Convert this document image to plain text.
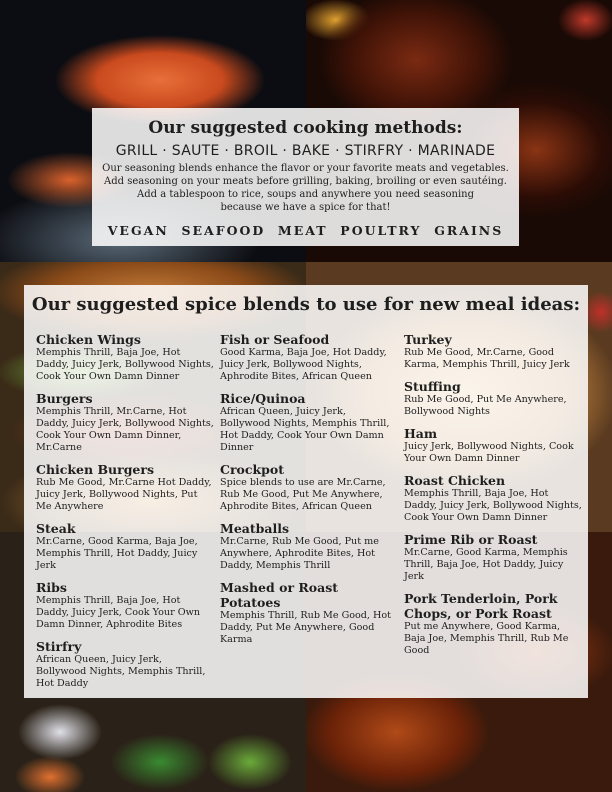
Our suggested cooking methods:
GRILL · SAUTE · BROIL · BAKE · STIRFRY · MARINADE
Our seasoning blends enhance the flavor or your favorite meats and vegetables.
Add seasoning on your meats before grilling, baking, broiling or even sautéing.
Add a tablespoon to rice, soups and anywhere you need seasoning
because we have a spice for that!
VEGAN  SEAFOOD  MEAT  POULTRY  GRAINS
Our suggested spice blends to use for new meal ideas:
Chicken Wings
Memphis Thrill, Baja Joe, Hot Daddy, Juicy Jerk, Bollywood Nights, Cook Your Own Damn Dinner
Burgers
Memphis Thrill, Mr.Carne, Hot Daddy, Juicy Jerk, Bollywood Nights, Cook Your Own Damn Dinner, Mr.Carne
Chicken Burgers
Rub Me Good, Mr.Carne Hot Daddy, Juicy Jerk, Bollywood Nights, Put Me Anywhere
Steak
Mr.Carne, Good Karma, Baja Joe, Memphis Thrill, Hot Daddy, Juicy Jerk
Ribs
Memphis Thrill, Baja Joe, Hot Daddy, Juicy Jerk, Cook Your Own Damn Dinner, Aphrodite Bites
Stirfry
African Queen, Juicy Jerk, Bollywood Nights, Memphis Thrill, Hot Daddy
Fish or Seafood
Good Karma, Baja Joe, Hot Daddy, Juicy Jerk, Bollywood Nights, Aphrodite Bites, African Queen
Rice/Quinoa
African Queen, Juicy Jerk, Bollywood Nights, Memphis Thrill, Hot Daddy, Cook Your Own Damn Dinner
Crockpot
Spice blends to use are Mr.Carne, Rub Me Good, Put Me Anywhere, Aphrodite Bites, African Queen
Meatballs
Mr.Carne, Rub Me Good, Put me Anywhere, Aphrodite Bites, Hot Daddy, Memphis Thrill
Mashed or Roast Potatoes
Memphis Thrill, Rub Me Good, Hot Daddy, Put Me Anywhere, Good Karma
Turkey
Rub Me Good, Mr.Carne, Good Karma, Memphis Thrill, Juicy Jerk
Stuffing
Rub Me Good, Put Me Anywhere, Bollywood Nights
Ham
Juicy Jerk, Bollywood Nights, Cook Your Own Damn Dinner
Roast Chicken
Memphis Thrill, Baja Joe, Hot Daddy, Juicy Jerk, Bollywood Nights, Cook Your Own Damn Dinner
Prime Rib or Roast
Mr.Carne, Good Karma, Memphis Thrill, Baja Joe, Hot Daddy, Juicy Jerk
Pork Tenderloin, Pork Chops, or Pork Roast
Put me Anywhere, Good Karma, Baja Joe, Memphis Thrill, Rub Me Good
